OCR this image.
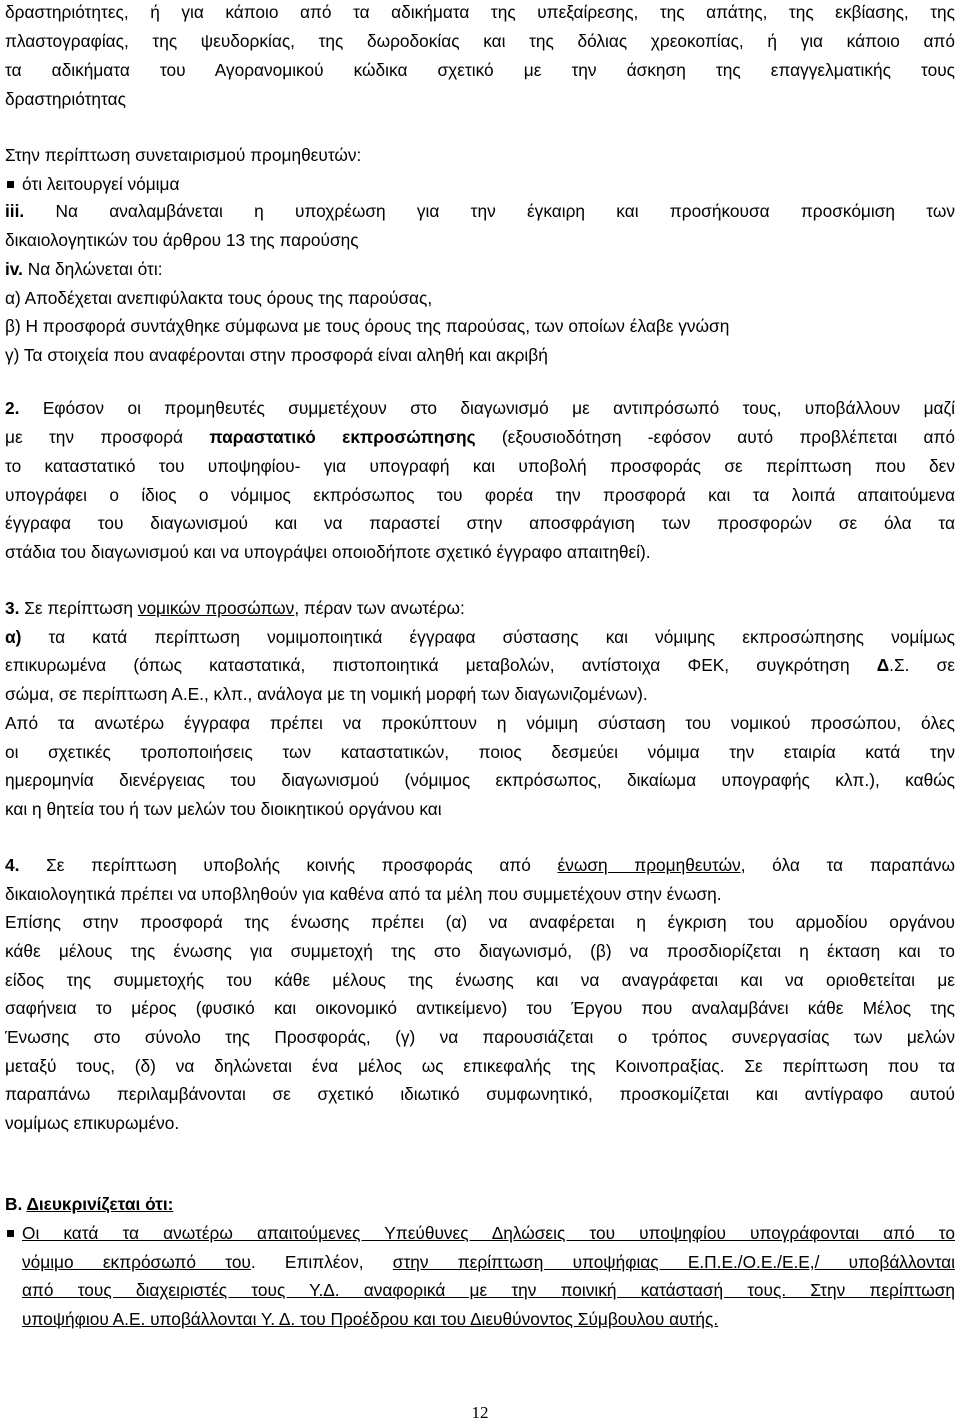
δραστηριότητες, ή για κάποιο από τα αδικήματα της υπεξαίρεσης, της απάτης, της εκβίασης, της
πλαστογραφίας, της ψευδορκίας, της δωροδοκίας και της δόλιας χρεοκοπίας, ή για κάποιο από
τα αδικήματα του Αγορανομικού κώδικα σχετικό με την άσκηση της επαγγελματικής τους
δραστηριότητας
Στην περίπτωση συνεταιρισμού προμηθευτών:
ότι λειτουργεί νόμιμα
iii. Να αναλαμβάνεται η υποχρέωση για την έγκαιρη και προσήκουσα προσκόμιση των
δικαιολογητικών του άρθρου 13 της παρούσης
iv. Να δηλώνεται ότι:
α) Αποδέχεται ανεπιφύλακτα τους όρους της παρούσας,
β) Η προσφορά συντάχθηκε σύμφωνα με τους όρους της παρούσας, των οποίων έλαβε γνώση
γ) Τα στοιχεία που αναφέρονται στην προσφορά είναι αληθή και ακριβή
2. Εφόσον οι προμηθευτές συμμετέχουν στο διαγωνισμό με αντιπρόσωπό τους, υποβάλλουν μαζί
με την προσφορά παραστατικό εκπροσώπησης (εξουσιοδότηση -εφόσον αυτό προβλέπεται από
το καταστατικό του υποψηφίου- για υπογραφή και υποβολή προσφοράς σε περίπτωση που δεν
υπογράφει ο ίδιος ο νόμιμος εκπρόσωπος του φορέα την προσφορά και τα λοιπά απαιτούμενα
έγγραφα του διαγωνισμού και να παραστεί στην αποσφράγιση των προσφορών σε όλα τα
στάδια του διαγωνισμού και να υπογράψει οποιοδήποτε σχετικό έγγραφο απαιτηθεί).
3. Σε περίπτωση νομικών προσώπων, πέραν των ανωτέρω:
α) τα κατά περίπτωση νομιμοποιητικά έγγραφα σύστασης και νόμιμης εκπροσώπησης νομίμως
επικυρωμένα (όπως καταστατικά, πιστοποιητικά μεταβολών, αντίστοιχα ΦΕΚ, συγκρότηση Δ.Σ. σε
σώμα, σε περίπτωση Α.Ε., κλπ., ανάλογα με τη νομική μορφή των διαγωνιζομένων).
Από τα ανωτέρω έγγραφα πρέπει να προκύπτουν η νόμιμη σύσταση του νομικού προσώπου, όλες
οι σχετικές τροποποιήσεις των καταστατικών, ποιος δεσμεύει νόμιμα την εταιρία κατά την
ημερομηνία διενέργειας του διαγωνισμού (νόμιμος εκπρόσωπος, δικαίωμα υπογραφής κλπ.), καθώς
και η θητεία του ή των μελών του διοικητικού οργάνου και
4. Σε περίπτωση υποβολής κοινής προσφοράς από ένωση προμηθευτών, όλα τα παραπάνω
δικαιολογητικά πρέπει να υποβληθούν για καθένα από τα μέλη που συμμετέχουν στην ένωση.
Επίσης στην προσφορά της ένωσης πρέπει (α) να αναφέρεται η έγκριση του αρμοδίου οργάνου
κάθε μέλους της ένωσης για συμμετοχή της στο διαγωνισμό, (β) να προσδιορίζεται η έκταση και το
είδος της συμμετοχής του κάθε μέλους της ένωσης και να αναγράφεται και να οριοθετείται με
σαφήνεια το μέρος (φυσικό και οικονομικό αντικείμενο) του Έργου που αναλαμβάνει κάθε Μέλος της
Ένωσης στο σύνολο της Προσφοράς, (γ) να παρουσιάζεται ο τρόπος συνεργασίας των μελών
μεταξύ τους, (δ) να δηλώνεται ένα μέλος ως επικεφαλής της Κοινοπραξίας. Σε περίπτωση που τα
παραπάνω περιλαμβάνονται σε σχετικό ιδιωτικό συμφωνητικό, προσκομίζεται και αντίγραφο αυτού
νομίμως επικυρωμένο.
Β. Διευκρινίζεται ότι:
Οι κατά τα ανωτέρω απαιτούμενες Υπεύθυνες Δηλώσεις του υποψηφίου υπογράφονται από το
νόμιμο εκπρόσωπό του. Επιπλέον, στην περίπτωση υποψήφιας Ε.Π.Ε./Ο.Ε./Ε.Ε,/ υποβάλλονται
από τους διαχειριστές τους Υ.Δ. αναφορικά με την ποινική κατάστασή τους. Στην περίπτωση
υποψήφιου Α.Ε. υποβάλλονται Υ. Δ. του Προέδρου και του Διευθύνοντος Σύμβουλου αυτής.
12
